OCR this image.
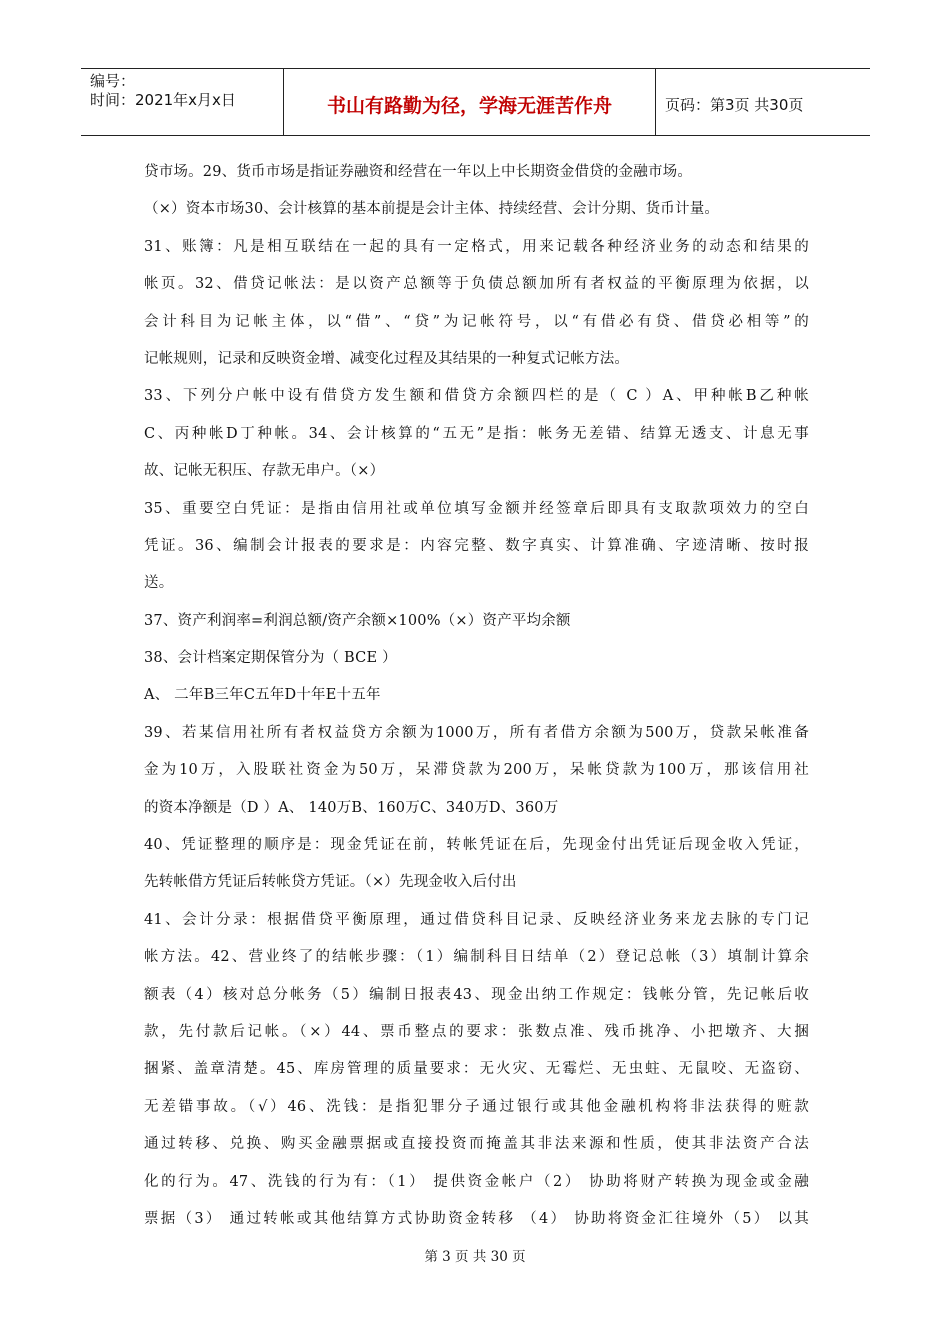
编号：
时间：2021年x月x日	书山有路勤为径，学海无涯苦作舟	页码：第3页 共30页
贷市场。29、货币市场是指证券融资和经营在一年以上中长期资金借贷的金融市场。
（×）资本市场30、会计核算的基本前提是会计主体、持续经营、会计分期、货币计量。
31、账簿：凡是相互联结在一起的具有一定格式，用来记载各种经济业务的动态和结果的
帐页。32、借贷记帐法：是以资产总额等于负债总额加所有者权益的平衡原理为依据，以
会计科目为记帐主体，以“借”、“贷”为记帐符号，以“有借必有贷、借贷必相等”的
记帐规则，记录和反映资金增、减变化过程及其结果的一种复式记帐方法。
33、下列分户帐中设有借贷方发生额和借贷方余额四栏的是（ C ）A、甲种帐B乙种帐
C、丙种帐D丁种帐。34、会计核算的“五无”是指：帐务无差错、结算无透支、计息无事
故、记帐无积压、存款无串户。（×）
35、重要空白凭证：是指由信用社或单位填写金额并经签章后即具有支取款项效力的空白
凭证。36、编制会计报表的要求是：内容完整、数字真实、计算准确、字迹清晰、按时报
送。
37、资产利润率=利润总额/资产余额×100%（×）资产平均余额
38、会计档案定期保管分为（ BCE ）
A、 二年B三年C五年D十年E十五年
39、若某信用社所有者权益贷方余额为1000万，所有者借方余额为500万，贷款呆帐准备
金为10万，入股联社资金为50万，呆滞贷款为200万，呆帐贷款为100万，那该信用社
的资本净额是（D ）A、 140万B、160万C、340万D、360万
40、凭证整理的顺序是：现金凭证在前，转帐凭证在后，先现金付出凭证后现金收入凭证，
先转帐借方凭证后转帐贷方凭证。（×）先现金收入后付出
41、会计分录：根据借贷平衡原理，通过借贷科目记录、反映经济业务来龙去脉的专门记
帐方法。42、营业终了的结帐步骤：（1）编制科目日结单（2）登记总帐（3）填制计算余
额表（4）核对总分帐务（5）编制日报表43、现金出纳工作规定：钱帐分管，先记帐后收
款，先付款后记帐。（×）44、票币整点的要求：张数点准、残币挑净、小把墩齐、大捆
捆紧、盖章清楚。45、库房管理的质量要求：无火灾、无霉烂、无虫蛀、无鼠咬、无盗窃、
无差错事故。（√）46、洗钱：是指犯罪分子通过银行或其他金融机构将非法获得的赃款
通过转移、兑换、购买金融票据或直接投资而掩盖其非法来源和性质，使其非法资产合法
化的行为。47、洗钱的行为有：（1） 提供资金帐户（2） 协助将财产转换为现金或金融
票据（3） 通过转帐或其他结算方式协助资金转移 （4） 协助将资金汇往境外（5） 以其
第 3 页 共 30 页
